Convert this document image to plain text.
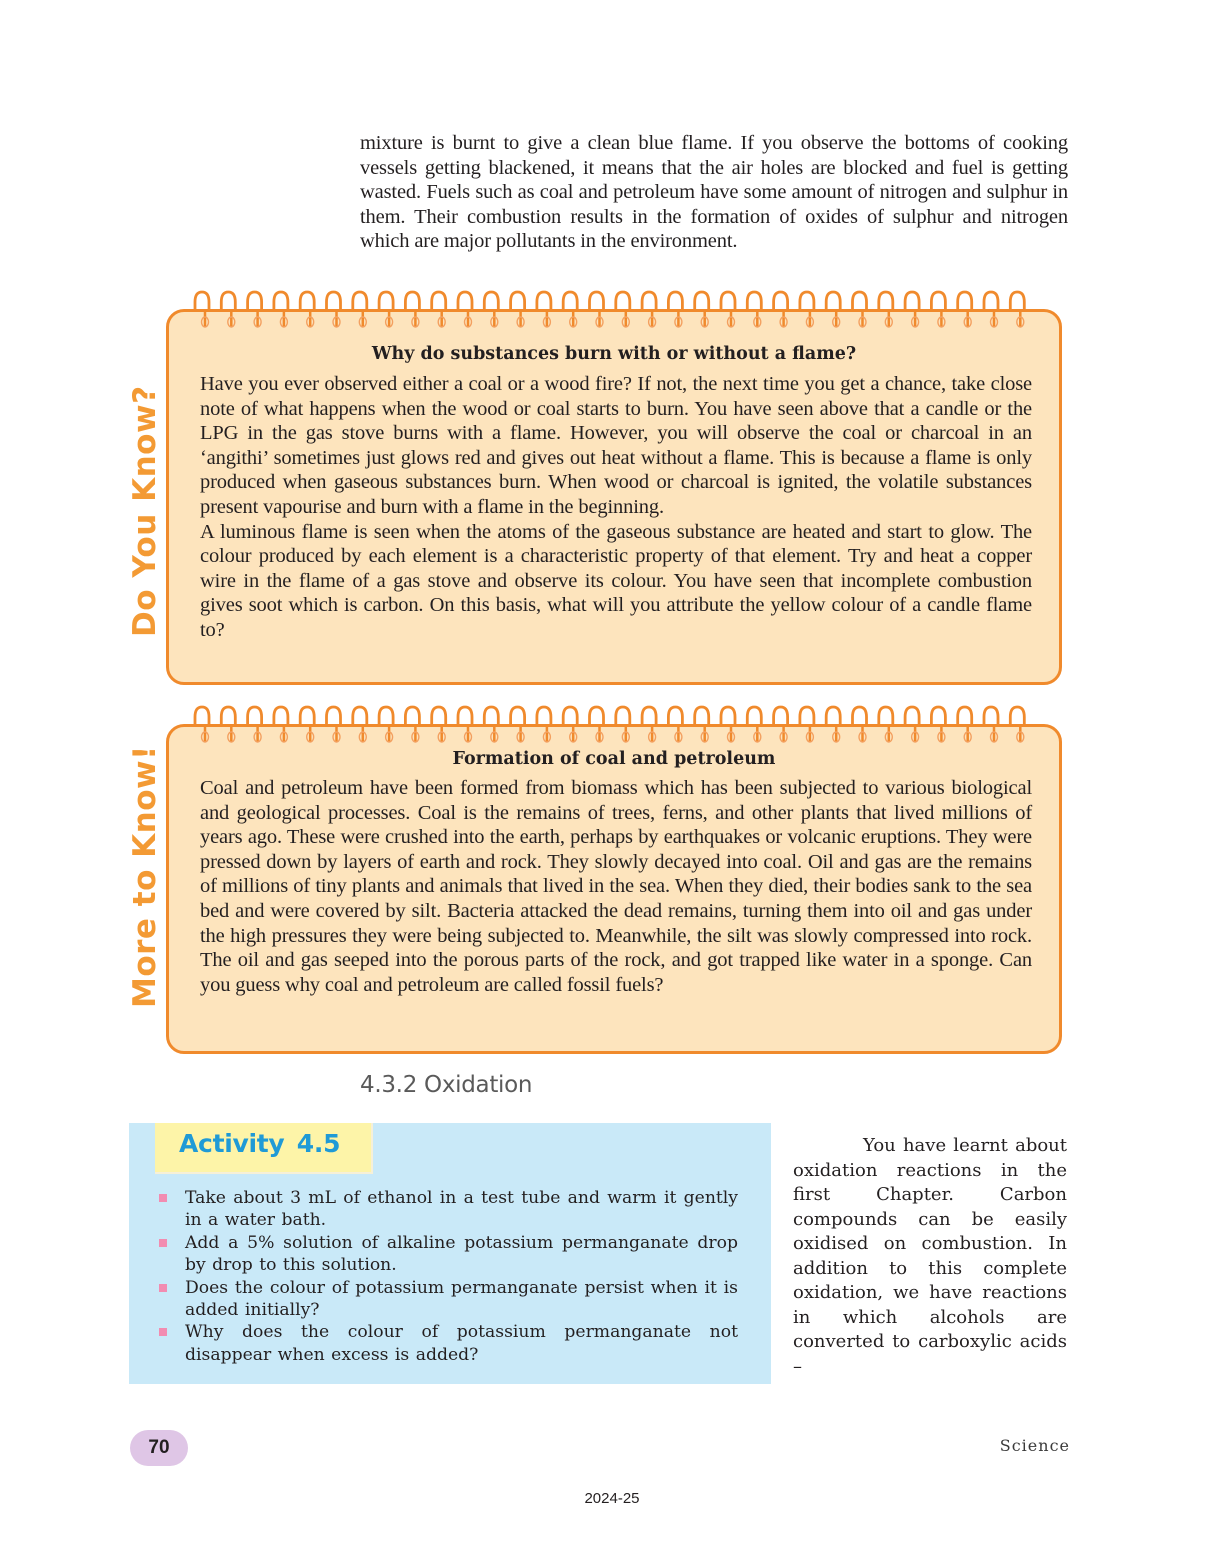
mixture is burnt to give a clean blue flame. If you observe the bottoms of cooking vessels getting blackened, it means that the air holes are blocked and fuel is getting wasted. Fuels such as coal and petroleum have some amount of nitrogen and sulphur in them. Their combustion results in the formation of oxides of sulphur and nitrogen which are major pollutants in the environment.
Do You Know?
Why do substances burn with or without a flame?

Have you ever observed either a coal or a wood fire? If not, the next time you get a chance, take close note of what happens when the wood or coal starts to burn. You have seen above that a candle or the LPG in the gas stove burns with a flame. However, you will observe the coal or charcoal in an ‘angithi’ sometimes just glows red and gives out heat without a flame. This is because a flame is only produced when gaseous substances burn. When wood or charcoal is ignited, the volatile substances present vapourise and burn with a flame in the beginning.

A luminous flame is seen when the atoms of the gaseous substance are heated and start to glow. The colour produced by each element is a characteristic property of that element. Try and heat a copper wire in the flame of a gas stove and observe its colour. You have seen that incomplete combustion gives soot which is carbon. On this basis, what will you attribute the yellow colour of a candle flame to?

More to Know!	Formation of coal and petroleum

Coal and petroleum have been formed from biomass which has been subjected to various biological and geological processes. Coal is the remains of trees, ferns, and other plants that lived millions of years ago. These were crushed into the earth, perhaps by earthquakes or volcanic eruptions. They were pressed down by layers of earth and rock. They slowly decayed into coal. Oil and gas are the remains of millions of tiny plants and animals that lived in the sea. When they died, their bodies sank to the sea bed and were covered by silt. Bacteria attacked the dead remains, turning them into oil and gas under the high pressures they were being subjected to. Meanwhile, the silt was slowly compressed into rock. The oil and gas seeped into the porous parts of the rock, and got trapped like water in a sponge. Can you guess why coal and petroleum are called fossil fuels?

4.3.2 Oxidation
Activity 4.5
Take about 3 mL of ethanol in a test tube and warm it gently in a water bath.
Add a 5% solution of alkaline potassium permanganate drop by drop to this solution.
Does the colour of potassium permanganate persist when it is added initially?
Why does the colour of potassium permanganate not disappear when excess is added?
You have learnt about oxidation reactions in the first Chapter. Carbon compounds can be easily oxidised on combustion. In addition to this complete oxidation, we have reactions in which alcohols are converted to carboxylic acids –
70	Science
2024-25
